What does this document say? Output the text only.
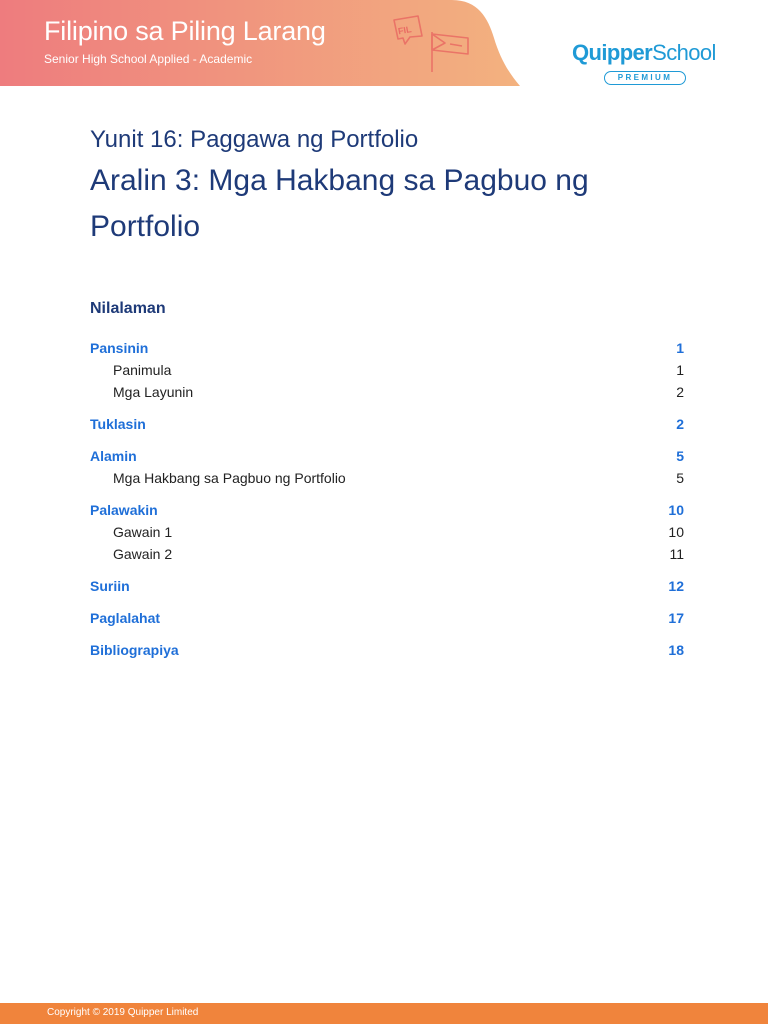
Filipino sa Piling Larang
Senior High School Applied - Academic
FIL
QuipperSchool
PREMIUM
Yunit 16: Paggawa ng Portfolio
Aralin 3: Mga Hakbang sa Pagbuo ng Portfolio
Nilalaman
Pansinin	1
Panimula	1
Mga Layunin	2
Tuklasin	2
Alamin	5
Mga Hakbang sa Pagbuo ng Portfolio	5
Palawakin	10
Gawain 1	10
Gawain 2	11
Suriin	12
Paglalahat	17
Bibliograpiya	18
Copyright © 2019 Quipper Limited
